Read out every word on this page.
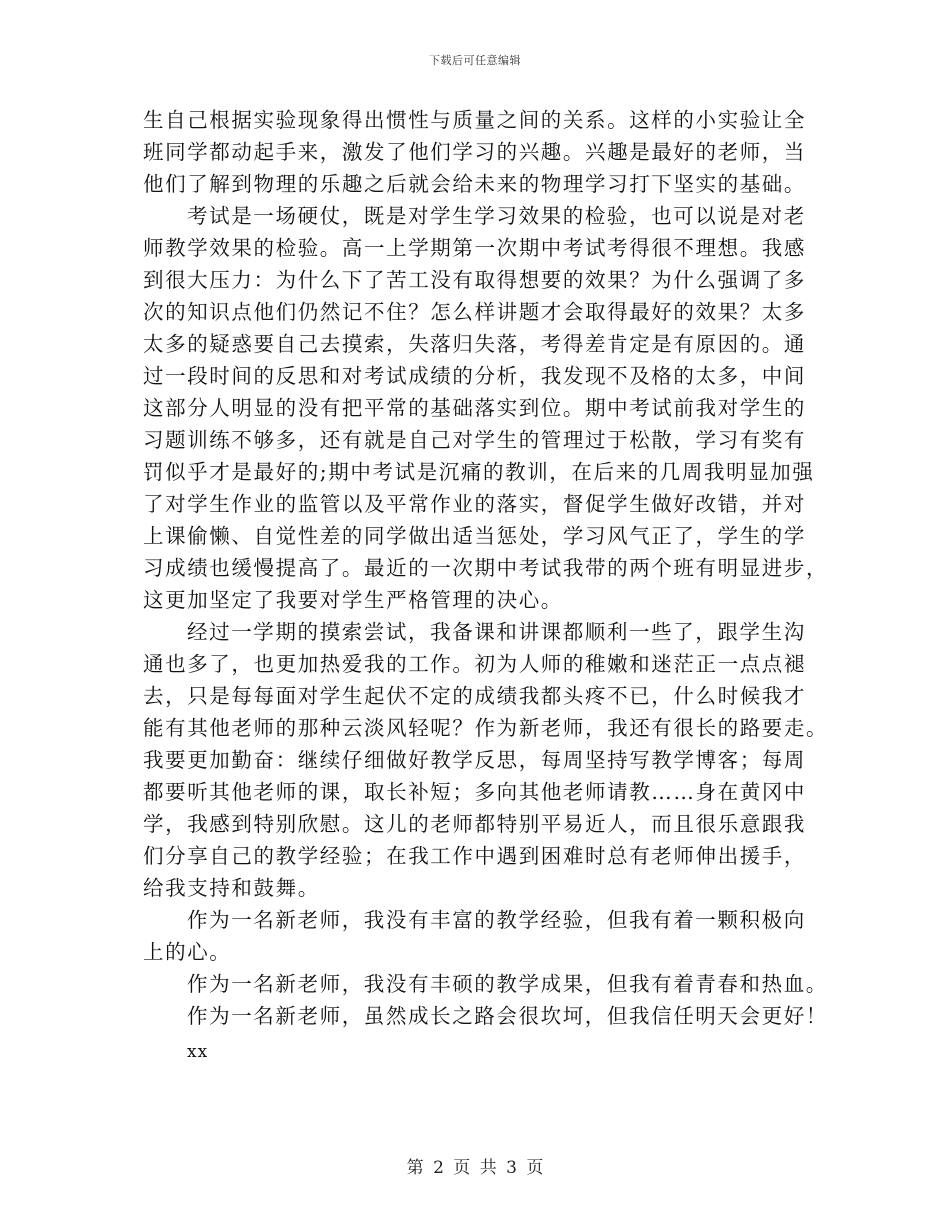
下载后可任意编辑
生自己根据实验现象得出惯性与质量之间的关系。这样的小实验让全
班同学都动起手来，激发了他们学习的兴趣。兴趣是最好的老师，当
他们了解到物理的乐趣之后就会给未来的物理学习打下坚实的基础。
考试是一场硬仗，既是对学生学习效果的检验，也可以说是对老
师教学效果的检验。高一上学期第一次期中考试考得很不理想。我感
到很大压力：为什么下了苦工没有取得想要的效果？为什么强调了多
次的知识点他们仍然记不住？怎么样讲题才会取得最好的效果？太多
太多的疑惑要自己去摸索，失落归失落，考得差肯定是有原因的。通
过一段时间的反思和对考试成绩的分析，我发现不及格的太多，中间
这部分人明显的没有把平常的基础落实到位。期中考试前我对学生的
习题训练不够多，还有就是自己对学生的管理过于松散，学习有奖有
罚似乎才是最好的;期中考试是沉痛的教训，在后来的几周我明显加强
了对学生作业的监管以及平常作业的落实，督促学生做好改错，并对
上课偷懒、自觉性差的同学做出适当惩处，学习风气正了，学生的学
习成绩也缓慢提高了。最近的一次期中考试我带的两个班有明显进步，
这更加坚定了我要对学生严格管理的决心。
经过一学期的摸索尝试，我备课和讲课都顺利一些了，跟学生沟
通也多了，也更加热爱我的工作。初为人师的稚嫩和迷茫正一点点褪
去，只是每每面对学生起伏不定的成绩我都头疼不已，什么时候我才
能有其他老师的那种云淡风轻呢？作为新老师，我还有很长的路要走。
我要更加勤奋：继续仔细做好教学反思，每周坚持写教学博客；每周
都要听其他老师的课，取长补短；多向其他老师请教……身在黄冈中
学，我感到特别欣慰。这儿的老师都特别平易近人，而且很乐意跟我
们分享自己的教学经验；在我工作中遇到困难时总有老师伸出援手，
给我支持和鼓舞。
作为一名新老师，我没有丰富的教学经验，但我有着一颗积极向
上的心。
作为一名新老师，我没有丰硕的教学成果，但我有着青春和热血。
作为一名新老师，虽然成长之路会很坎坷，但我信任明天会更好！
xx
第 2 页 共 3 页
